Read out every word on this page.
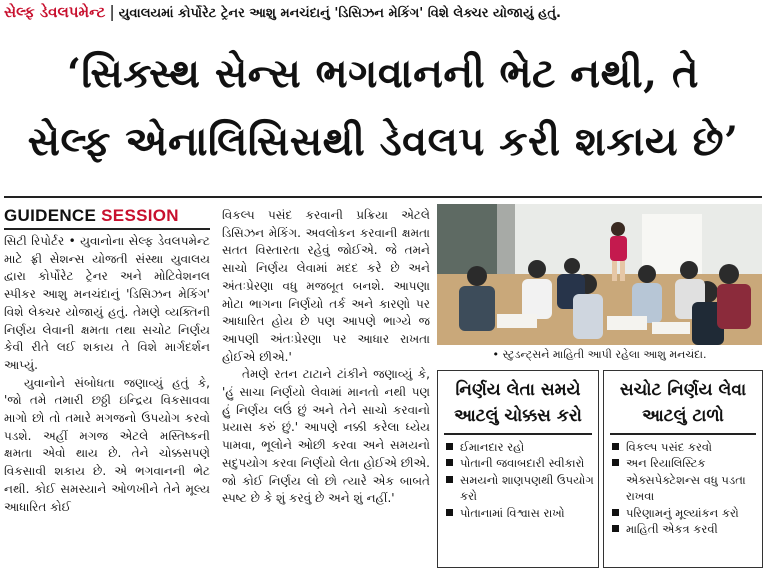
સેલ્ફ ડેવલપમેન્ટ | યુવાલયમાં કોર્પોરેટ ટ્રેનર આશુ મનચંદાનું 'ડિસિઝન મેકિંગ' વિશે લેક્ચર યોજાયું હતું.
‘સિક્સ્થ સેન્સ ભગવાનની ભેટ નથી, તે
સેલ્ફ એનાલિસિસથી ડેવલપ કરી શકાય છે’
GUIDENCE SESSION

સિટી રિપોર્ટર • યુવાનોના સેલ્ફ ડેવલપમેન્ટ માટે ફ્રી સેશન્સ યોજતી સંસ્થા યુવાલય દ્વારા કોર્પોરેટ ટ્રેનર અને મોટિવેશનલ સ્પીકર આશુ મનચંદાનું 'ડિસિઝન મેકિંગ' વિશે લેક્ચર યોજાયું હતું. તેમણે વ્યક્તિની નિર્ણય લેવાની ક્ષમતા તથા સચોટ નિર્ણય કેવી રીતે લઈ શકાય તે વિશે માર્ગદર્શન આપ્યું.

યુવાનોને સંબોધતા જણાવ્યું હતું કે, 'જો તમે તમારી છઠ્ઠી ઇન્દ્રિય વિકસાવવા માગો છો તો તમારે મગજનો ઉપયોગ કરવો પડશે. અહીં મગજ એટલે મસ્તિષ્કની ક્ષમતા એવો થાય છે. તેને ચોક્કસપણે વિકસાવી શકાય છે. એ ભગવાનની ભેટ નથી. કોઈ સમસ્યાને ઓળખીને તેને મૂલ્ય આધારિત કોઈ

વિકલ્પ પસંદ કરવાની પ્રક્રિયા એટલે ડિસિઝન મેકિંગ. અવલોકન કરવાની ક્ષમતા સતત વિસ્તારતા રહેવું જોઈએ. જે તમને સાચો નિર્ણય લેવામાં મદદ કરે છે અને અંતઃપ્રેરણા વધુ મજબૂત બનશે. આપણા મોટા ભાગના નિર્ણયો તર્ક અને કારણો પર આધારિત હોય છે પણ આપણે ભાગ્યે જ આપણી અંતઃપ્રેરણા પર આધાર રાખતા હોઈએ છીએ.'

તેમણે રતન ટાટાને ટાંકીને જણાવ્યું કે, 'હું સાચા નિર્ણયો લેવામાં માનતો નથી પણ હું નિર્ણય લઉં છું અને તેને સાચો કરવાનો પ્રયાસ કરું છું.' આપણે નક્કી કરેલા ધ્યેય પામવા, ભૂલોને ઓછી કરવા અને સમયનો સદુપયોગ કરવા નિર્ણયો લેતા હોઈએ છીએ. જો કોઈ નિર્ણય લો છો ત્યારે એક બાબતે સ્પષ્ટ છે કે શું કરવું છે અને શું નહીં.'

• સ્ટુડન્ટ્સને માહિતી આપી રહેલા આશુ મનચંદા.
નિર્ણય લેતા સમયે
આટલું ચોક્કસ કરો
ઈમાનદાર રહો
પોતાની જવાબદારી સ્વીકારો
સમયનો શાણપણથી ઉપયોગ કરો
પોતાનામાં વિશ્વાસ રાખો
સચોટ નિર્ણય લેવા
આટલું ટાળો
વિકલ્પ પસંદ કરવો
અન રિયાલિસ્ટિક એક્સપેક્ટેશન્સ વધુ પડતા રાખવા
પરિણામનું મૂલ્યાંકન કરો
માહિતી એકત્ર કરવી
